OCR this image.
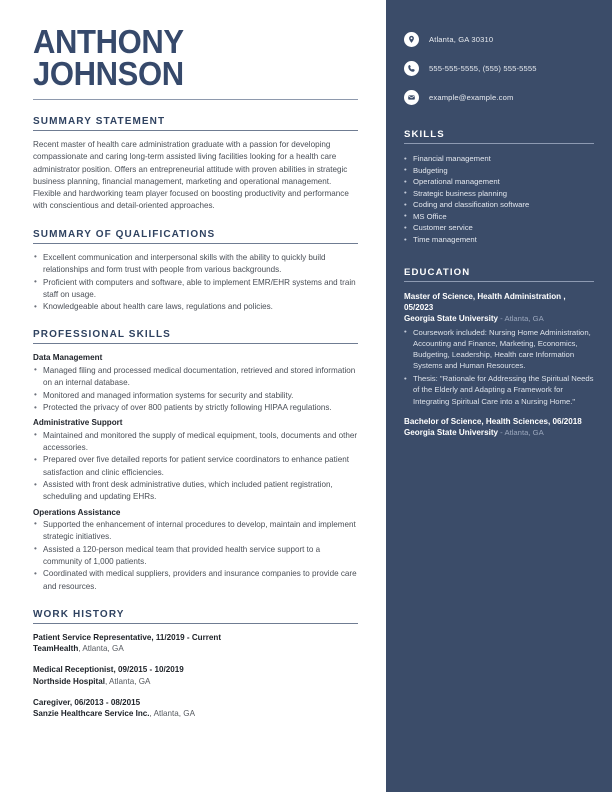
ANTHONY
JOHNSON
SUMMARY STATEMENT

Recent master of health care administration graduate with a passion for developing compassionate and caring long-term assisted living facilities looking for a health care administrator position. Offers an entrepreneurial attitude with proven abilities in strategic business planning, financial management, marketing and operational management. Flexible and hardworking team player focused on boosting productivity and performance with conscientious and detail-oriented approaches.

SUMMARY OF QUALIFICATIONS
• Excellent communication and interpersonal skills with the ability to quickly build relationships and form trust with people from various backgrounds.
• Proficient with computers and software, able to implement EMR/EHR systems and train staff on usage.
• Knowledgeable about health care laws, regulations and policies.
PROFESSIONAL SKILLS
Data Management
• Managed filing and processed medical documentation, retrieved and stored information on an internal database.
• Monitored and managed information systems for security and stability.
• Protected the privacy of over 800 patients by strictly following HIPAA regulations.
Administrative Support
• Maintained and monitored the supply of medical equipment, tools, documents and other accessories.
• Prepared over five detailed reports for patient service coordinators to enhance patient satisfaction and clinic efficiencies.
• Assisted with front desk administrative duties, which included patient registration, scheduling and updating EHRs.
Operations Assistance
• Supported the enhancement of internal procedures to develop, maintain and implement strategic initiatives.
• Assisted a 120-person medical team that provided health service support to a community of 1,000 patients.
• Coordinated with medical suppliers, providers and insurance companies to provide care and resources.
WORK HISTORY
Patient Service Representative, 11/2019 - Current
TeamHealth, Atlanta, GA
Medical Receptionist, 09/2015 - 10/2019
Northside Hospital, Atlanta, GA
Caregiver, 06/2013 - 08/2015
Sanzie Healthcare Service Inc., Atlanta, GA
Atlanta, GA 30310
555-555-5555, (555) 555-5555
example@example.com
SKILLS
• Financial management
• Budgeting
• Operational management
• Strategic business planning
• Coding and classification software
• MS Office
• Customer service
• Time management
EDUCATION
Master of Science, Health Administration , 05/2023
Georgia State University - Atlanta, GA
• Coursework included: Nursing Home Administration, Accounting and Finance, Marketing, Economics, Budgeting, Leadership, Health care Information Systems and Human Resources.
• Thesis: "Rationale for Addressing the Spiritual Needs of the Elderly and Adapting a Framework for Integrating Spiritual Care into a Nursing Home."
Bachelor of Science, Health Sciences, 06/2018
Georgia State University - Atlanta, GA
